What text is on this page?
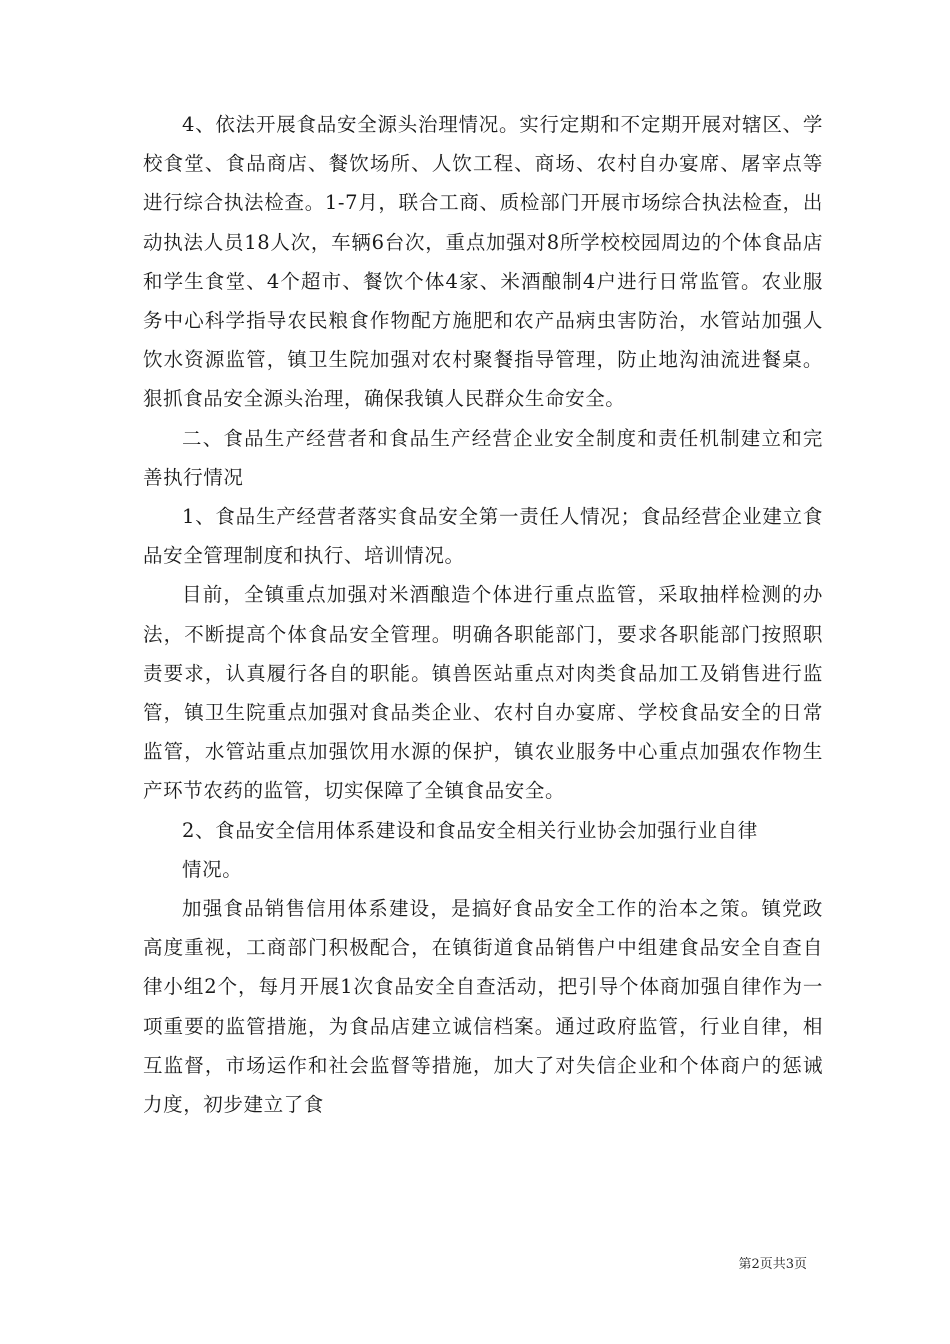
4、依法开展食品安全源头治理情况。实行定期和不定期开展对辖区、学校食堂、食品商店、餐饮场所、人饮工程、商场、农村自办宴席、屠宰点等进行综合执法检查。1-7月，联合工商、质检部门开展市场综合执法检查，出动执法人员18人次，车辆6台次，重点加强对8所学校校园周边的个体食品店和学生食堂、4个超市、餐饮个体4家、米酒酿制4户进行日常监管。农业服务中心科学指导农民粮食作物配方施肥和农产品病虫害防治，水管站加强人饮水资源监管，镇卫生院加强对农村聚餐指导管理，防止地沟油流进餐桌。狠抓食品安全源头治理，确保我镇人民群众生命安全。

二、食品生产经营者和食品生产经营企业安全制度和责任机制建立和完善执行情况

1、食品生产经营者落实食品安全第一责任人情况；食品经营企业建立食品安全管理制度和执行、培训情况。

目前，全镇重点加强对米酒酿造个体进行重点监管，采取抽样检测的办法，不断提高个体食品安全管理。明确各职能部门，要求各职能部门按照职责要求，认真履行各自的职能。镇兽医站重点对肉类食品加工及销售进行监管，镇卫生院重点加强对食品类企业、农村自办宴席、学校食品安全的日常监管，水管站重点加强饮用水源的保护，镇农业服务中心重点加强农作物生产环节农药的监管，切实保障了全镇食品安全。

2、食品安全信用体系建设和食品安全相关行业协会加强行业自律

情况。

加强食品销售信用体系建设，是搞好食品安全工作的治本之策。镇党政高度重视，工商部门积极配合，在镇街道食品销售户中组建食品安全自查自律小组2个，每月开展1次食品安全自查活动，把引导个体商加强自律作为一项重要的监管措施，为食品店建立诚信档案。通过政府监管，行业自律，相互监督，市场运作和社会监督等措施，加大了对失信企业和个体商户的惩诫力度，初步建立了食

第2页共3页
